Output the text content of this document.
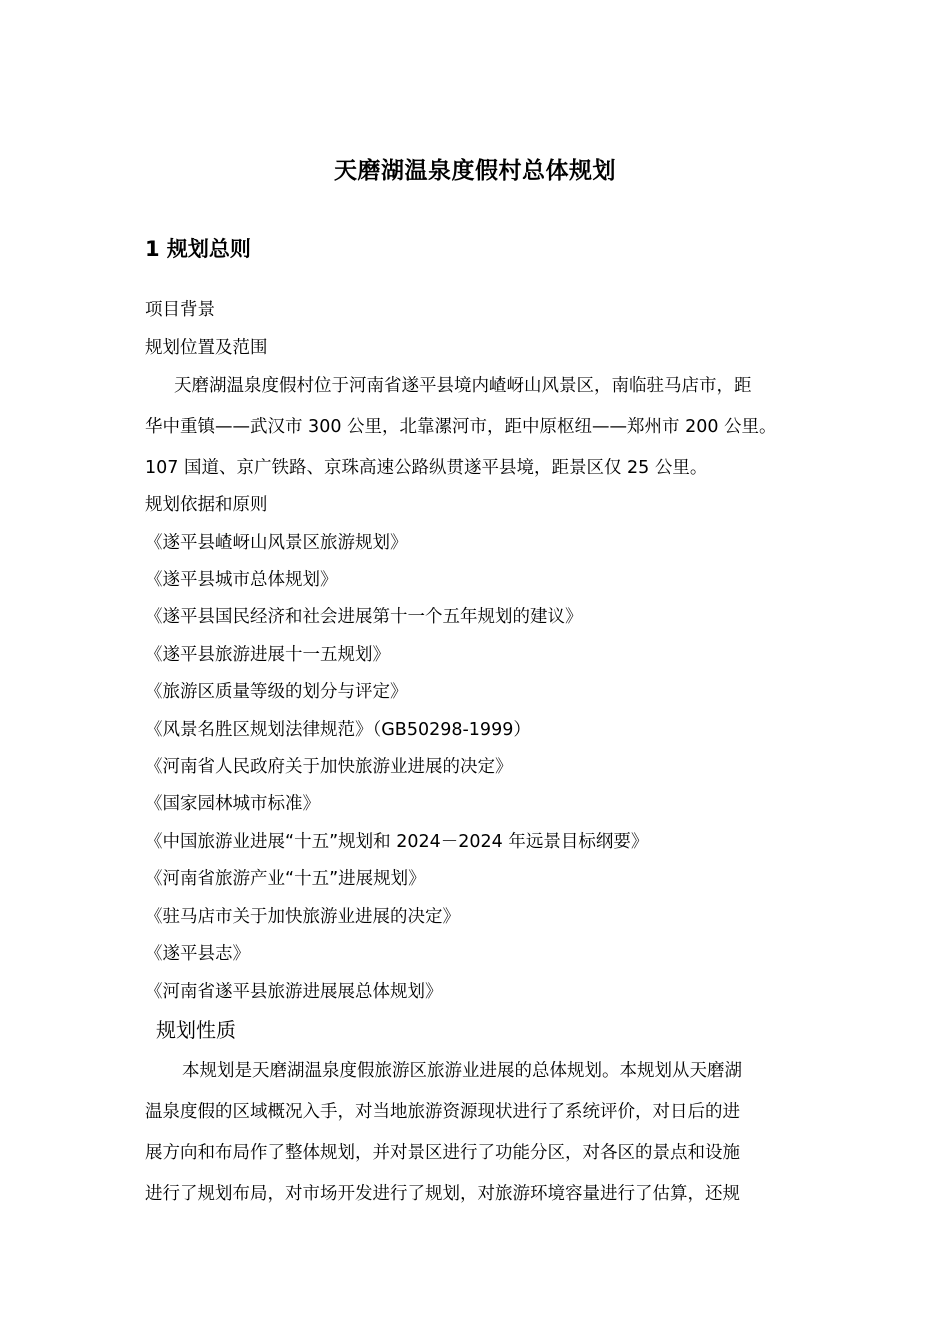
天磨湖温泉度假村总体规划
1 规划总则
项目背景
规划位置及范围
天磨湖温泉度假村位于河南省遂平县境内嵖岈山风景区，南临驻马店市，距
华中重镇——武汉市 300 公里，北靠漯河市，距中原枢纽——郑州市 200 公里。
107 国道、京广铁路、京珠高速公路纵贯遂平县境，距景区仅 25 公里。
规划依据和原则
《遂平县嵖岈山风景区旅游规划》
《遂平县城市总体规划》
《遂平县国民经济和社会进展第十一个五年规划的建议》
《遂平县旅游进展十一五规划》
《旅游区质量等级的划分与评定》
《风景名胜区规划法律规范》（GB50298-1999）
《河南省人民政府关于加快旅游业进展的决定》
《国家园林城市标准》
《中国旅游业进展“十五”规划和 2024－2024 年远景目标纲要》
《河南省旅游产业“十五”进展规划》
《驻马店市关于加快旅游业进展的决定》
《遂平县志》
《河南省遂平县旅游进展展总体规划》
规划性质
本规划是天磨湖温泉度假旅游区旅游业进展的总体规划。本规划从天磨湖
温泉度假的区域概况入手，对当地旅游资源现状进行了系统评价，对日后的进
展方向和布局作了整体规划，并对景区进行了功能分区，对各区的景点和设施
进行了规划布局，对市场开发进行了规划，对旅游环境容量进行了估算，还规
